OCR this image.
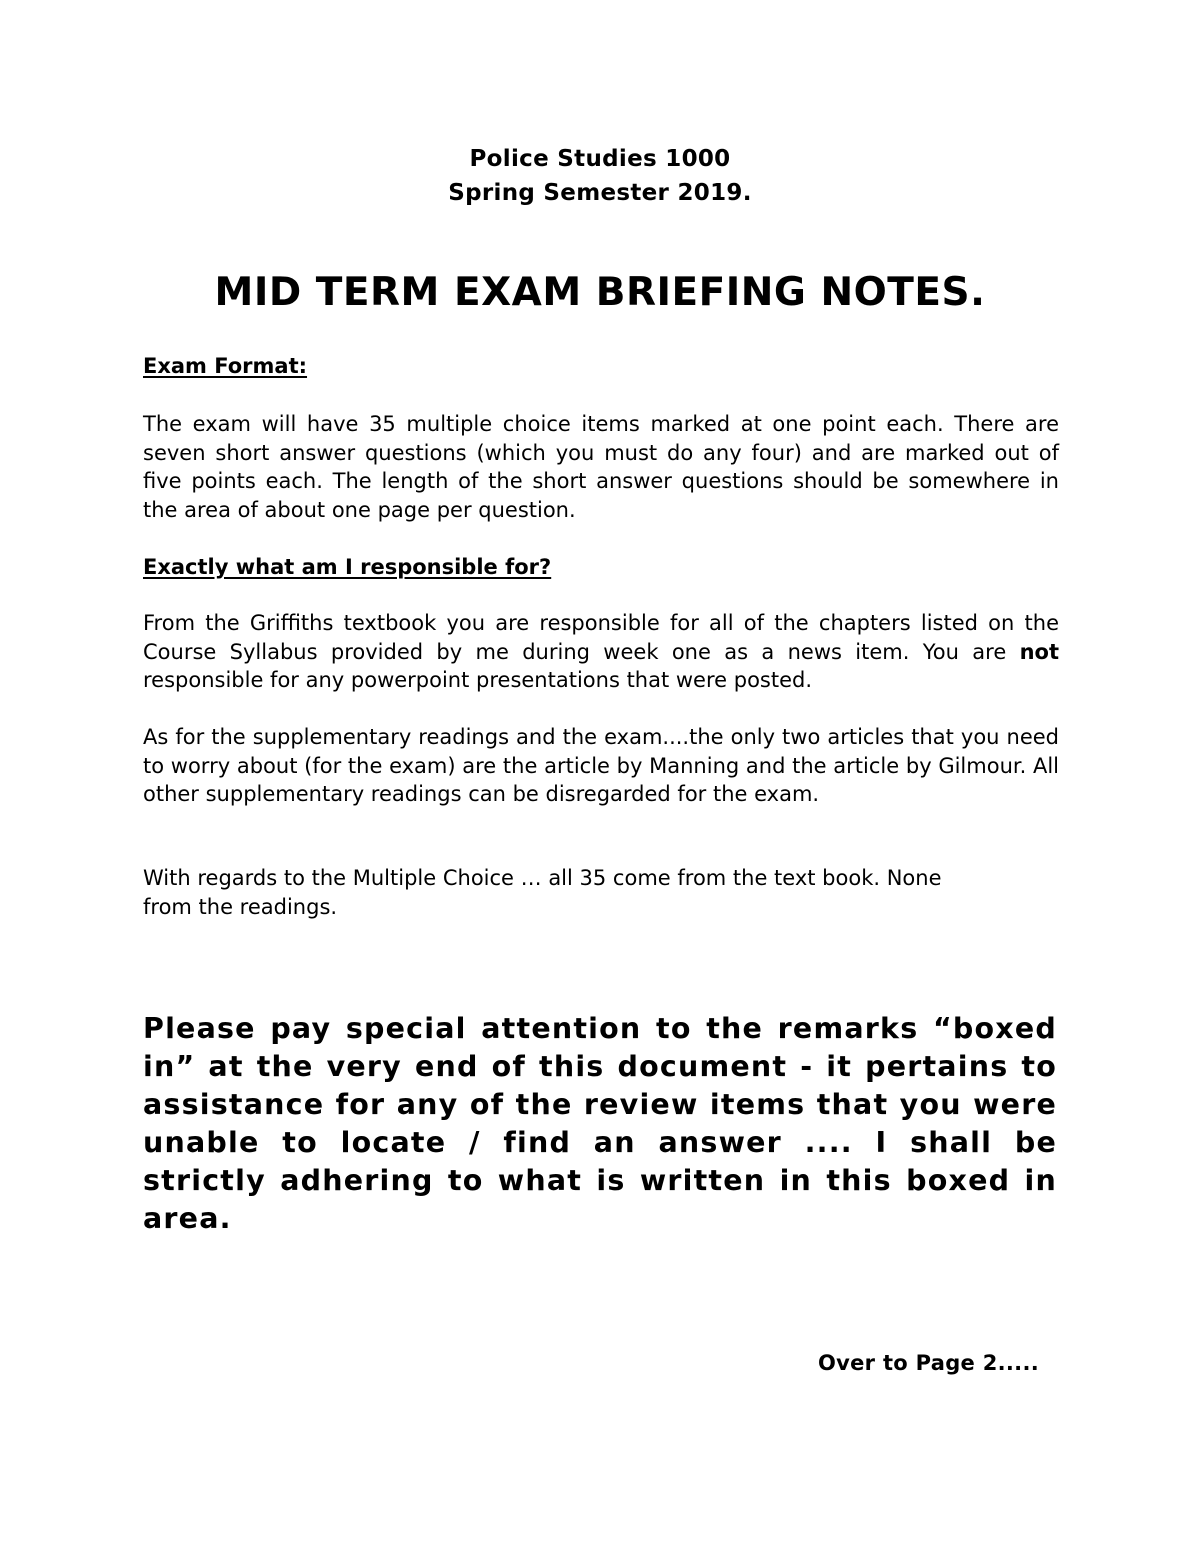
Police Studies 1000
Spring Semester 2019.
MID TERM EXAM BRIEFING NOTES.
Exam Format:

The exam will have 35 multiple choice items marked at one point each. There are seven short answer questions (which you must do any four) and are marked out of five points each. The length of the short answer questions should be somewhere in the area of about one page per question.

Exactly what am I responsible for?

From the Griffiths textbook you are responsible for all of the chapters listed on the Course Syllabus provided by me during week one as a news item. You are not responsible for any powerpoint presentations that were posted.

As for the supplementary readings and the exam....the only two articles that you need to worry about (for the exam) are the article by Manning and the article by Gilmour. All other supplementary readings can be disregarded for the exam.

With regards to the Multiple Choice … all 35 come from the text book. None
from the readings.

Please pay special attention to the remarks “boxed in” at the very end of this document - it pertains to assistance for any of the review items that you were unable to locate / find an answer .... I shall be strictly adhering to what is written in this boxed in area.

Over to Page 2.....
